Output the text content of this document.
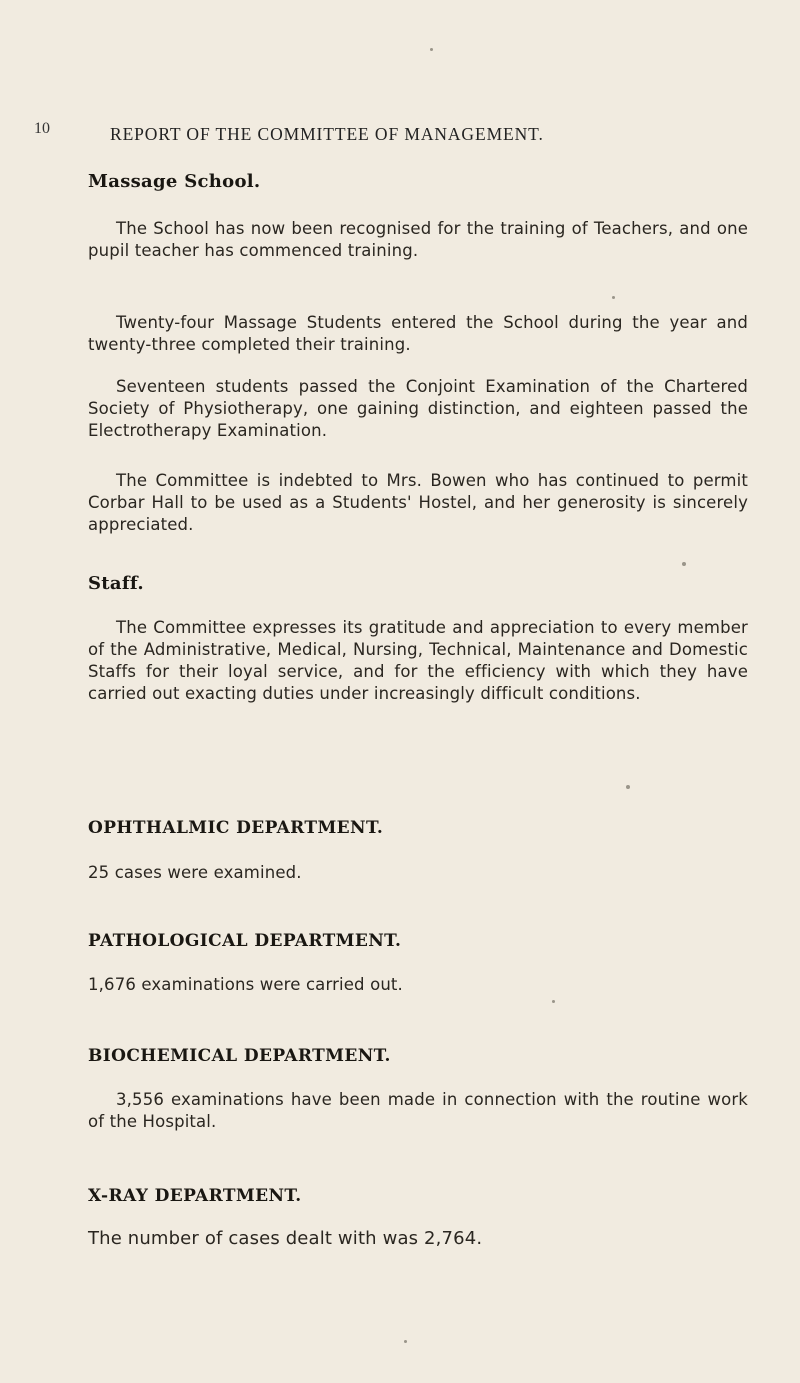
10	REPORT OF THE COMMITTEE OF MANAGEMENT.
Massage School.
The School has now been recognised for the training of Teachers, and one pupil teacher has commenced training.
Twenty-four Massage Students entered the School during the year and twenty-three completed their training.
Seventeen students passed the Conjoint Examination of the Chartered Society of Physiotherapy, one gaining distinction, and eighteen passed the Electrotherapy Examination.
The Committee is indebted to Mrs. Bowen who has continued to permit Corbar Hall to be used as a Students' Hostel, and her generosity is sincerely appreciated.
Staff.
The Committee expresses its gratitude and appreciation to every member of the Administrative, Medical, Nursing, Technical, Maintenance and Domestic Staffs for their loyal service, and for the efficiency with which they have carried out exacting duties under increasingly difficult conditions.
OPHTHALMIC DEPARTMENT.
25 cases were examined.
PATHOLOGICAL DEPARTMENT.
1,676 examinations were carried out.
BIOCHEMICAL DEPARTMENT.
3,556 examinations have been made in connection with the routine work of the Hospital.
X-RAY DEPARTMENT.
The number of cases dealt with was 2,764.
